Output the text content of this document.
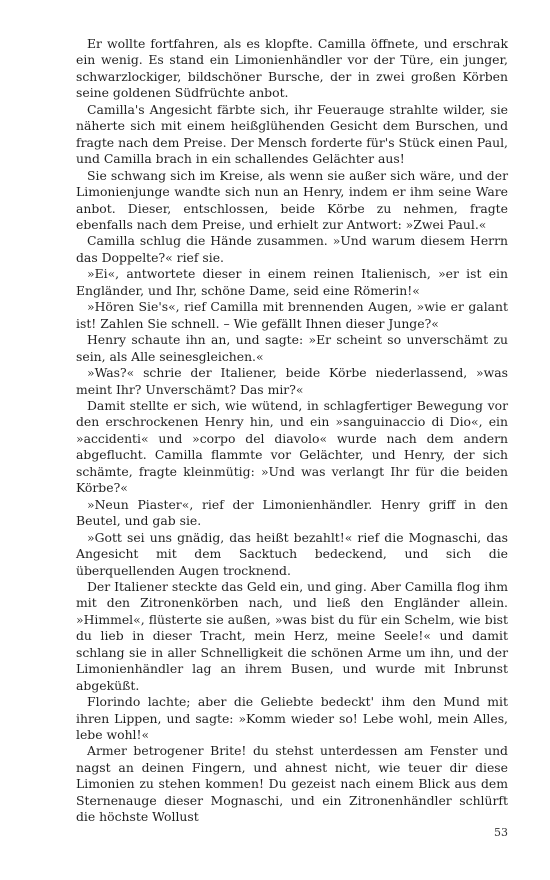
Er wollte fortfahren, als es klopfte. Camilla öffnete, und erschrak ein wenig. Es stand ein Limonienhändler vor der Türe, ein junger, schwarzlockiger, bildschöner Bursche, der in zwei großen Körben seine goldenen Südfrüchte anbot.

Camilla's Angesicht färbte sich, ihr Feuerauge strahlte wilder, sie näherte sich mit einem heißglühenden Gesicht dem Burschen, und fragte nach dem Preise. Der Mensch forderte für's Stück einen Paul, und Camilla brach in ein schallendes Gelächter aus!

Sie schwang sich im Kreise, als wenn sie außer sich wäre, und der Limonienjunge wandte sich nun an Henry, indem er ihm seine Ware anbot. Dieser, entschlossen, beide Körbe zu nehmen, fragte ebenfalls nach dem Preise, und erhielt zur Antwort: »Zwei Paul.«

Camilla schlug die Hände zusammen. »Und warum diesem Herrn das Doppelte?« rief sie.

»Ei«, antwortete dieser in einem reinen Italienisch, »er ist ein Engländer, und Ihr, schöne Dame, seid eine Römerin!«

»Hören Sie's«, rief Camilla mit brennenden Augen, »wie er galant ist! Zahlen Sie schnell. – Wie gefällt Ihnen dieser Junge?«

Henry schaute ihn an, und sagte: »Er scheint so unverschämt zu sein, als Alle seinesgleichen.«

»Was?« schrie der Italiener, beide Körbe niederlassend, »was meint Ihr? Unverschämt? Das mir?«

Damit stellte er sich, wie wütend, in schlagfertiger Bewegung vor den erschrockenen Henry hin, und ein »sanguinaccio di Dio«, ein »accidenti« und »corpo del diavolo« wurde nach dem andern abgeflucht. Camilla flammte vor Gelächter, und Henry, der sich schämte, fragte kleinmütig: »Und was verlangt Ihr für die beiden Körbe?«

»Neun Piaster«, rief der Limonienhändler. Henry griff in den Beutel, und gab sie.

»Gott sei uns gnädig, das heißt bezahlt!« rief die Mognaschi, das Angesicht mit dem Sacktuch bedeckend, und sich die überquellenden Augen trocknend.

Der Italiener steckte das Geld ein, und ging. Aber Camilla flog ihm mit den Zitronenkörben nach, und ließ den Engländer allein. »Himmel«, flüsterte sie außen, »was bist du für ein Schelm, wie bist du lieb in dieser Tracht, mein Herz, meine Seele!« und damit schlang sie in aller Schnelligkeit die schönen Arme um ihn, und der Limonienhändler lag an ihrem Busen, und wurde mit Inbrunst abgeküßt.

Florindo lachte; aber die Geliebte bedeckt' ihm den Mund mit ihren Lippen, und sagte: »Komm wieder so! Lebe wohl, mein Alles, lebe wohl!«

Armer betrogener Brite! du stehst unterdessen am Fenster und nagst an deinen Fingern, und ahnest nicht, wie teuer dir diese Limonien zu stehen kommen! Du gezeist nach einem Blick aus dem Sternenauge dieser Mognaschi, und ein Zitronenhändler schlürft die höchste Wollust

53
